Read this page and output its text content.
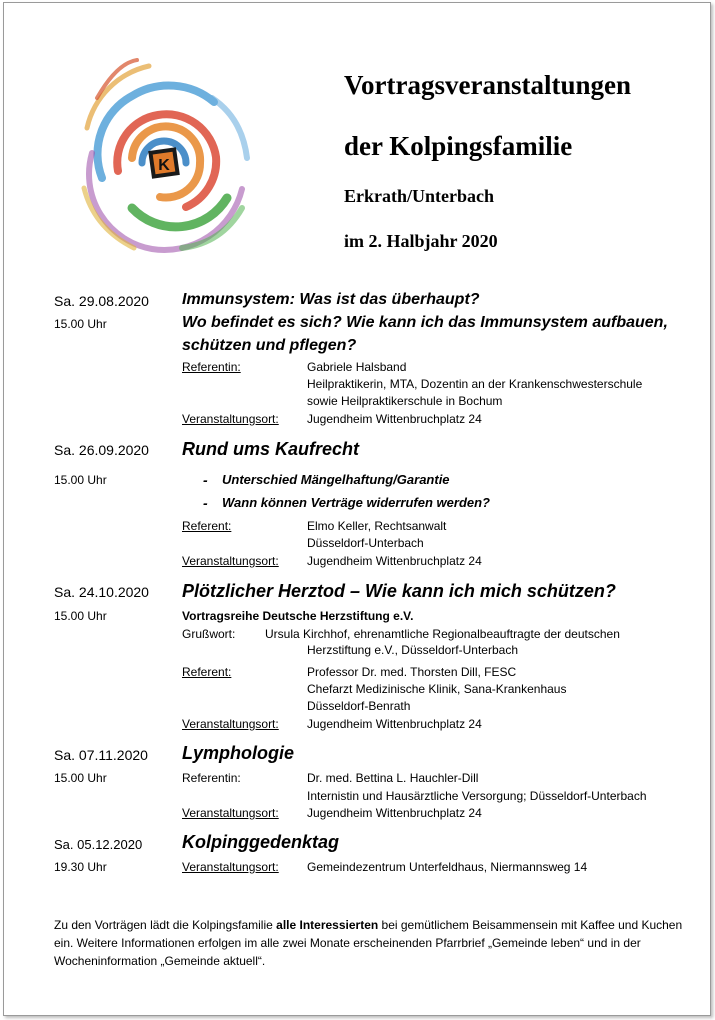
K
Vortragsveranstaltungen
der Kolpingsfamilie
Erkrath/Unterbach
im 2. Halbjahr 2020
Sa. 29.08.2020
15.00 Uhr
Immunsystem: Was ist das überhaupt?
Wo befindet es sich? Wie kann ich das Immunsystem aufbauen,
schützen und pflegen?
Referentin:	Gabriele Halsband
Heilpraktikerin, MTA, Dozentin an der Krankenschwesterschule
sowie Heilpraktikerschule in Bochum
Veranstaltungsort: Jugendheim Wittenbruchplatz 24
Sa. 26.09.2020 Rund ums Kaufrecht
15.00 Uhr	- Unterschied Mängelhaftung/Garantie
- Wann können Verträge widerrufen werden?
Referent:	Elmo Keller, Rechtsanwalt
Düsseldorf-Unterbach
Veranstaltungsort: Jugendheim Wittenbruchplatz 24
Sa. 24.10.2020 Plötzlicher Herztod – Wie kann ich mich schützen?
15.00 Uhr	Vortragsreihe Deutsche Herzstiftung e.V.
Grußwort: Ursula Kirchhof, ehrenamtliche Regionalbeauftragte der deutschen
Herzstiftung e.V., Düsseldorf-Unterbach
Referent:	Professor Dr. med. Thorsten Dill, FESC
Chefarzt Medizinische Klinik, Sana-Krankenhaus
Düsseldorf-Benrath
Veranstaltungsort: Jugendheim Wittenbruchplatz 24
Sa. 07.11.2020 Lymphologie
15.00 Uhr	Referentin:	Dr. med. Bettina L. Hauchler-Dill
Internistin und Hausärztliche Versorgung; Düsseldorf-Unterbach
Veranstaltungsort: Jugendheim Wittenbruchplatz 24
Sa. 05.12.2020 Kolpinggedenktag
19.30 Uhr	Veranstaltungsort: Gemeindezentrum Unterfeldhaus, Niermannsweg 14
Zu den Vorträgen lädt die Kolpingsfamilie alle Interessierten bei gemütlichem Beisammensein mit Kaffee und Kuchen ein. Weitere Informationen erfolgen im alle zwei Monate erscheinenden Pfarrbrief „Gemeinde leben“ und in der Wocheninformation „Gemeinde aktuell“.
